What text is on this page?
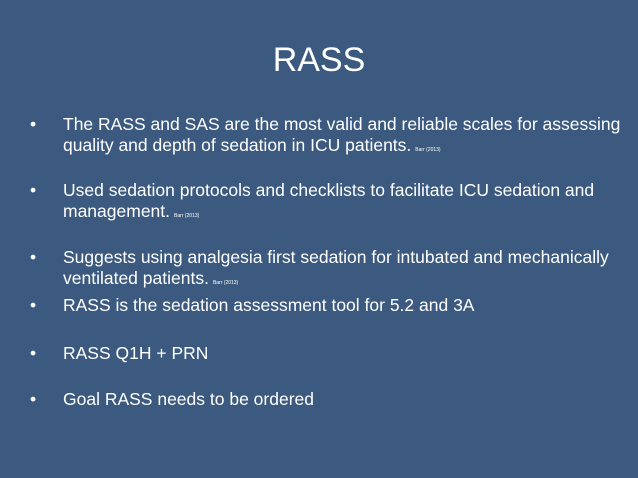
RASS
•	The RASS and SAS are the most valid and reliable scales for assessing quality and depth of sedation in ICU patients. Barr (2013)
•	Used sedation protocols and checklists to facilitate ICU sedation and management. Barr (2013)
•	Suggests using analgesia first sedation for intubated and mechanically ventilated patients. Barr (2013)
•	RASS is the sedation assessment tool for 5.2 and 3A
•	RASS Q1H + PRN
•	Goal RASS needs to be ordered
